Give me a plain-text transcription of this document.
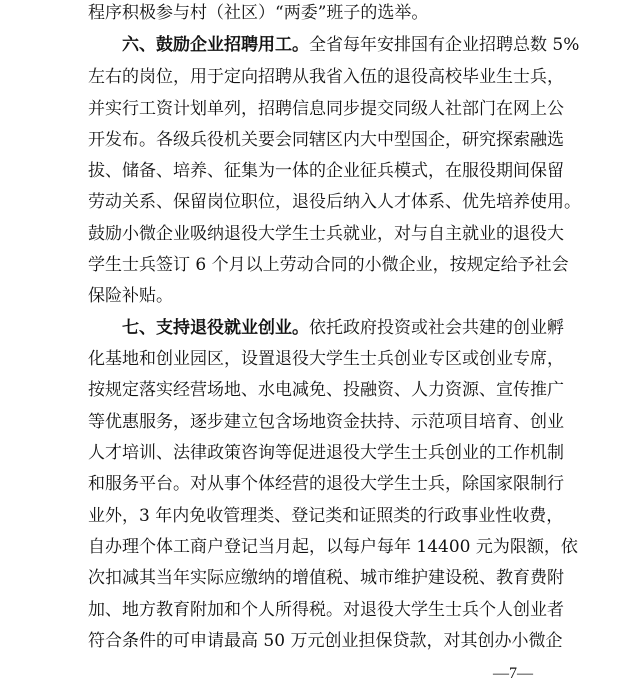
程序积极参与村（社区）“两委”班子的选举。
六、鼓励企业招聘用工。全省每年安排国有企业招聘总数 5%
左右的岗位，用于定向招聘从我省入伍的退役高校毕业生士兵，
并实行工资计划单列，招聘信息同步提交同级人社部门在网上公
开发布。各级兵役机关要会同辖区内大中型国企，研究探索融选
拔、储备、培养、征集为一体的企业征兵模式，在服役期间保留
劳动关系、保留岗位职位，退役后纳入人才体系、优先培养使用。
鼓励小微企业吸纳退役大学生士兵就业，对与自主就业的退役大
学生士兵签订 6 个月以上劳动合同的小微企业，按规定给予社会
保险补贴。
七、支持退役就业创业。依托政府投资或社会共建的创业孵
化基地和创业园区，设置退役大学生士兵创业专区或创业专席，
按规定落实经营场地、水电减免、投融资、人力资源、宣传推广
等优惠服务，逐步建立包含场地资金扶持、示范项目培育、创业
人才培训、法律政策咨询等促进退役大学生士兵创业的工作机制
和服务平台。对从事个体经营的退役大学生士兵，除国家限制行
业外，3 年内免收管理类、登记类和证照类的行政事业性收费，
自办理个体工商户登记当月起，以每户每年 14400 元为限额，依
次扣减其当年实际应缴纳的增值税、城市维护建设税、教育费附
加、地方教育附加和个人所得税。对退役大学生士兵个人创业者
符合条件的可申请最高 50 万元创业担保贷款，对其创办小微企
—7—
